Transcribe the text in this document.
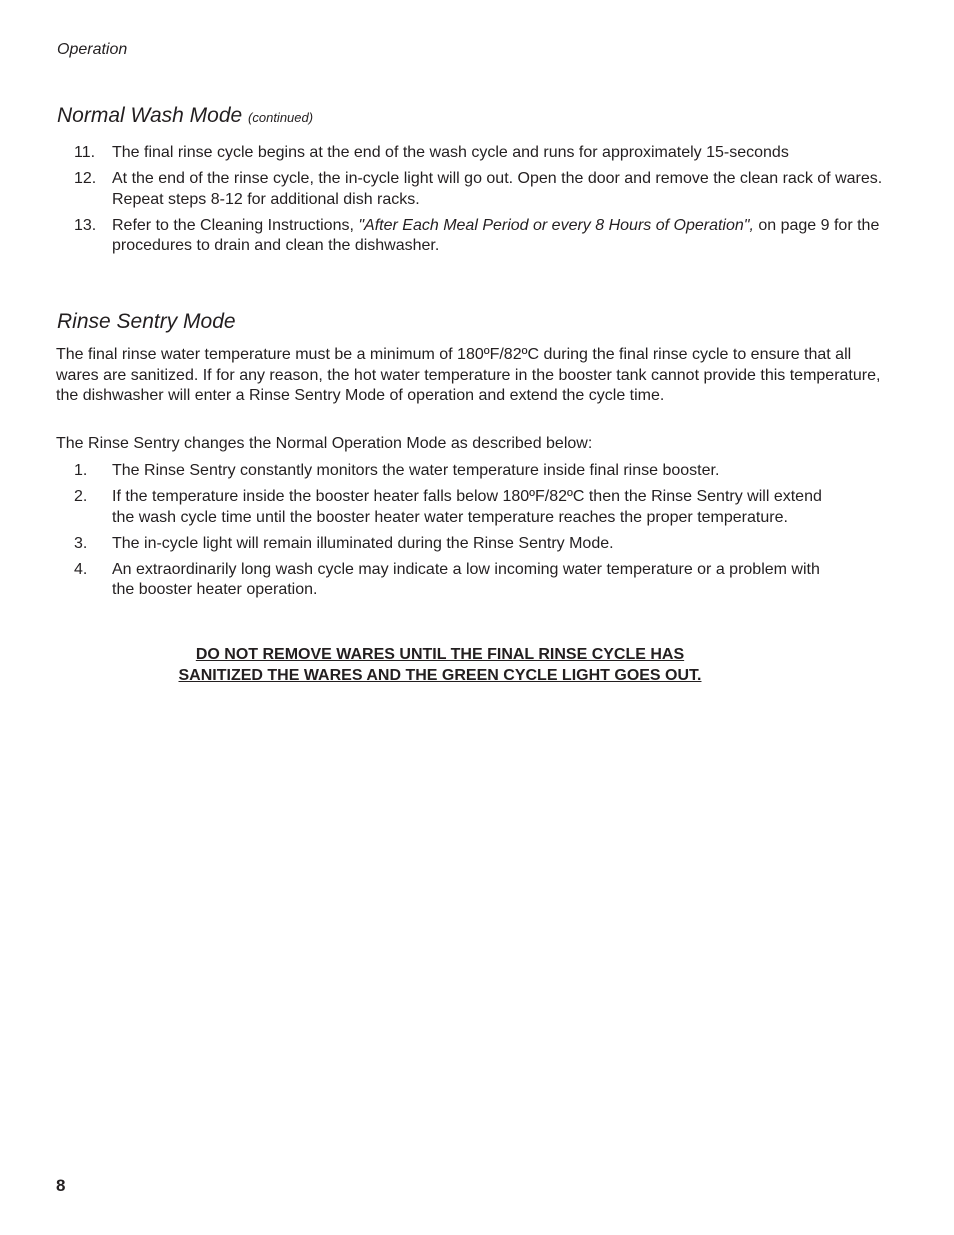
Operation
Normal Wash Mode (continued)
11. The final rinse cycle begins at the end of the wash cycle and runs for approximately 15-seconds
12. At the end of the rinse cycle, the in-cycle light will go out. Open the door and remove the clean rack of wares. Repeat steps 8-12 for additional dish racks.
13. Refer to the Cleaning Instructions, "After Each Meal Period or every 8 Hours of Operation", on page 9 for the procedures to drain and clean the dishwasher.
Rinse Sentry Mode

The final rinse water temperature must be a minimum of 180ºF/82ºC during the final rinse cycle to ensure that all wares are sanitized. If for any reason, the hot water temperature in the booster tank cannot provide this temperature, the dishwasher will enter a Rinse Sentry Mode of operation and extend the cycle time.

The Rinse Sentry changes the Normal Operation Mode as described below:

1. The Rinse Sentry constantly monitors the water temperature inside final rinse booster.
2. If the temperature inside the booster heater falls below 180ºF/82ºC then the Rinse Sentry will extend the wash cycle time until the booster heater water temperature reaches the proper temperature.
3. The in-cycle light will remain illuminated during the Rinse Sentry Mode.
4. An extraordinarily long wash cycle may indicate a low incoming water temperature or a problem with the booster heater operation.

DO NOT REMOVE WARES UNTIL THE FINAL RINSE CYCLE HAS
SANITIZED THE WARES AND THE GREEN CYCLE LIGHT GOES OUT.

8
